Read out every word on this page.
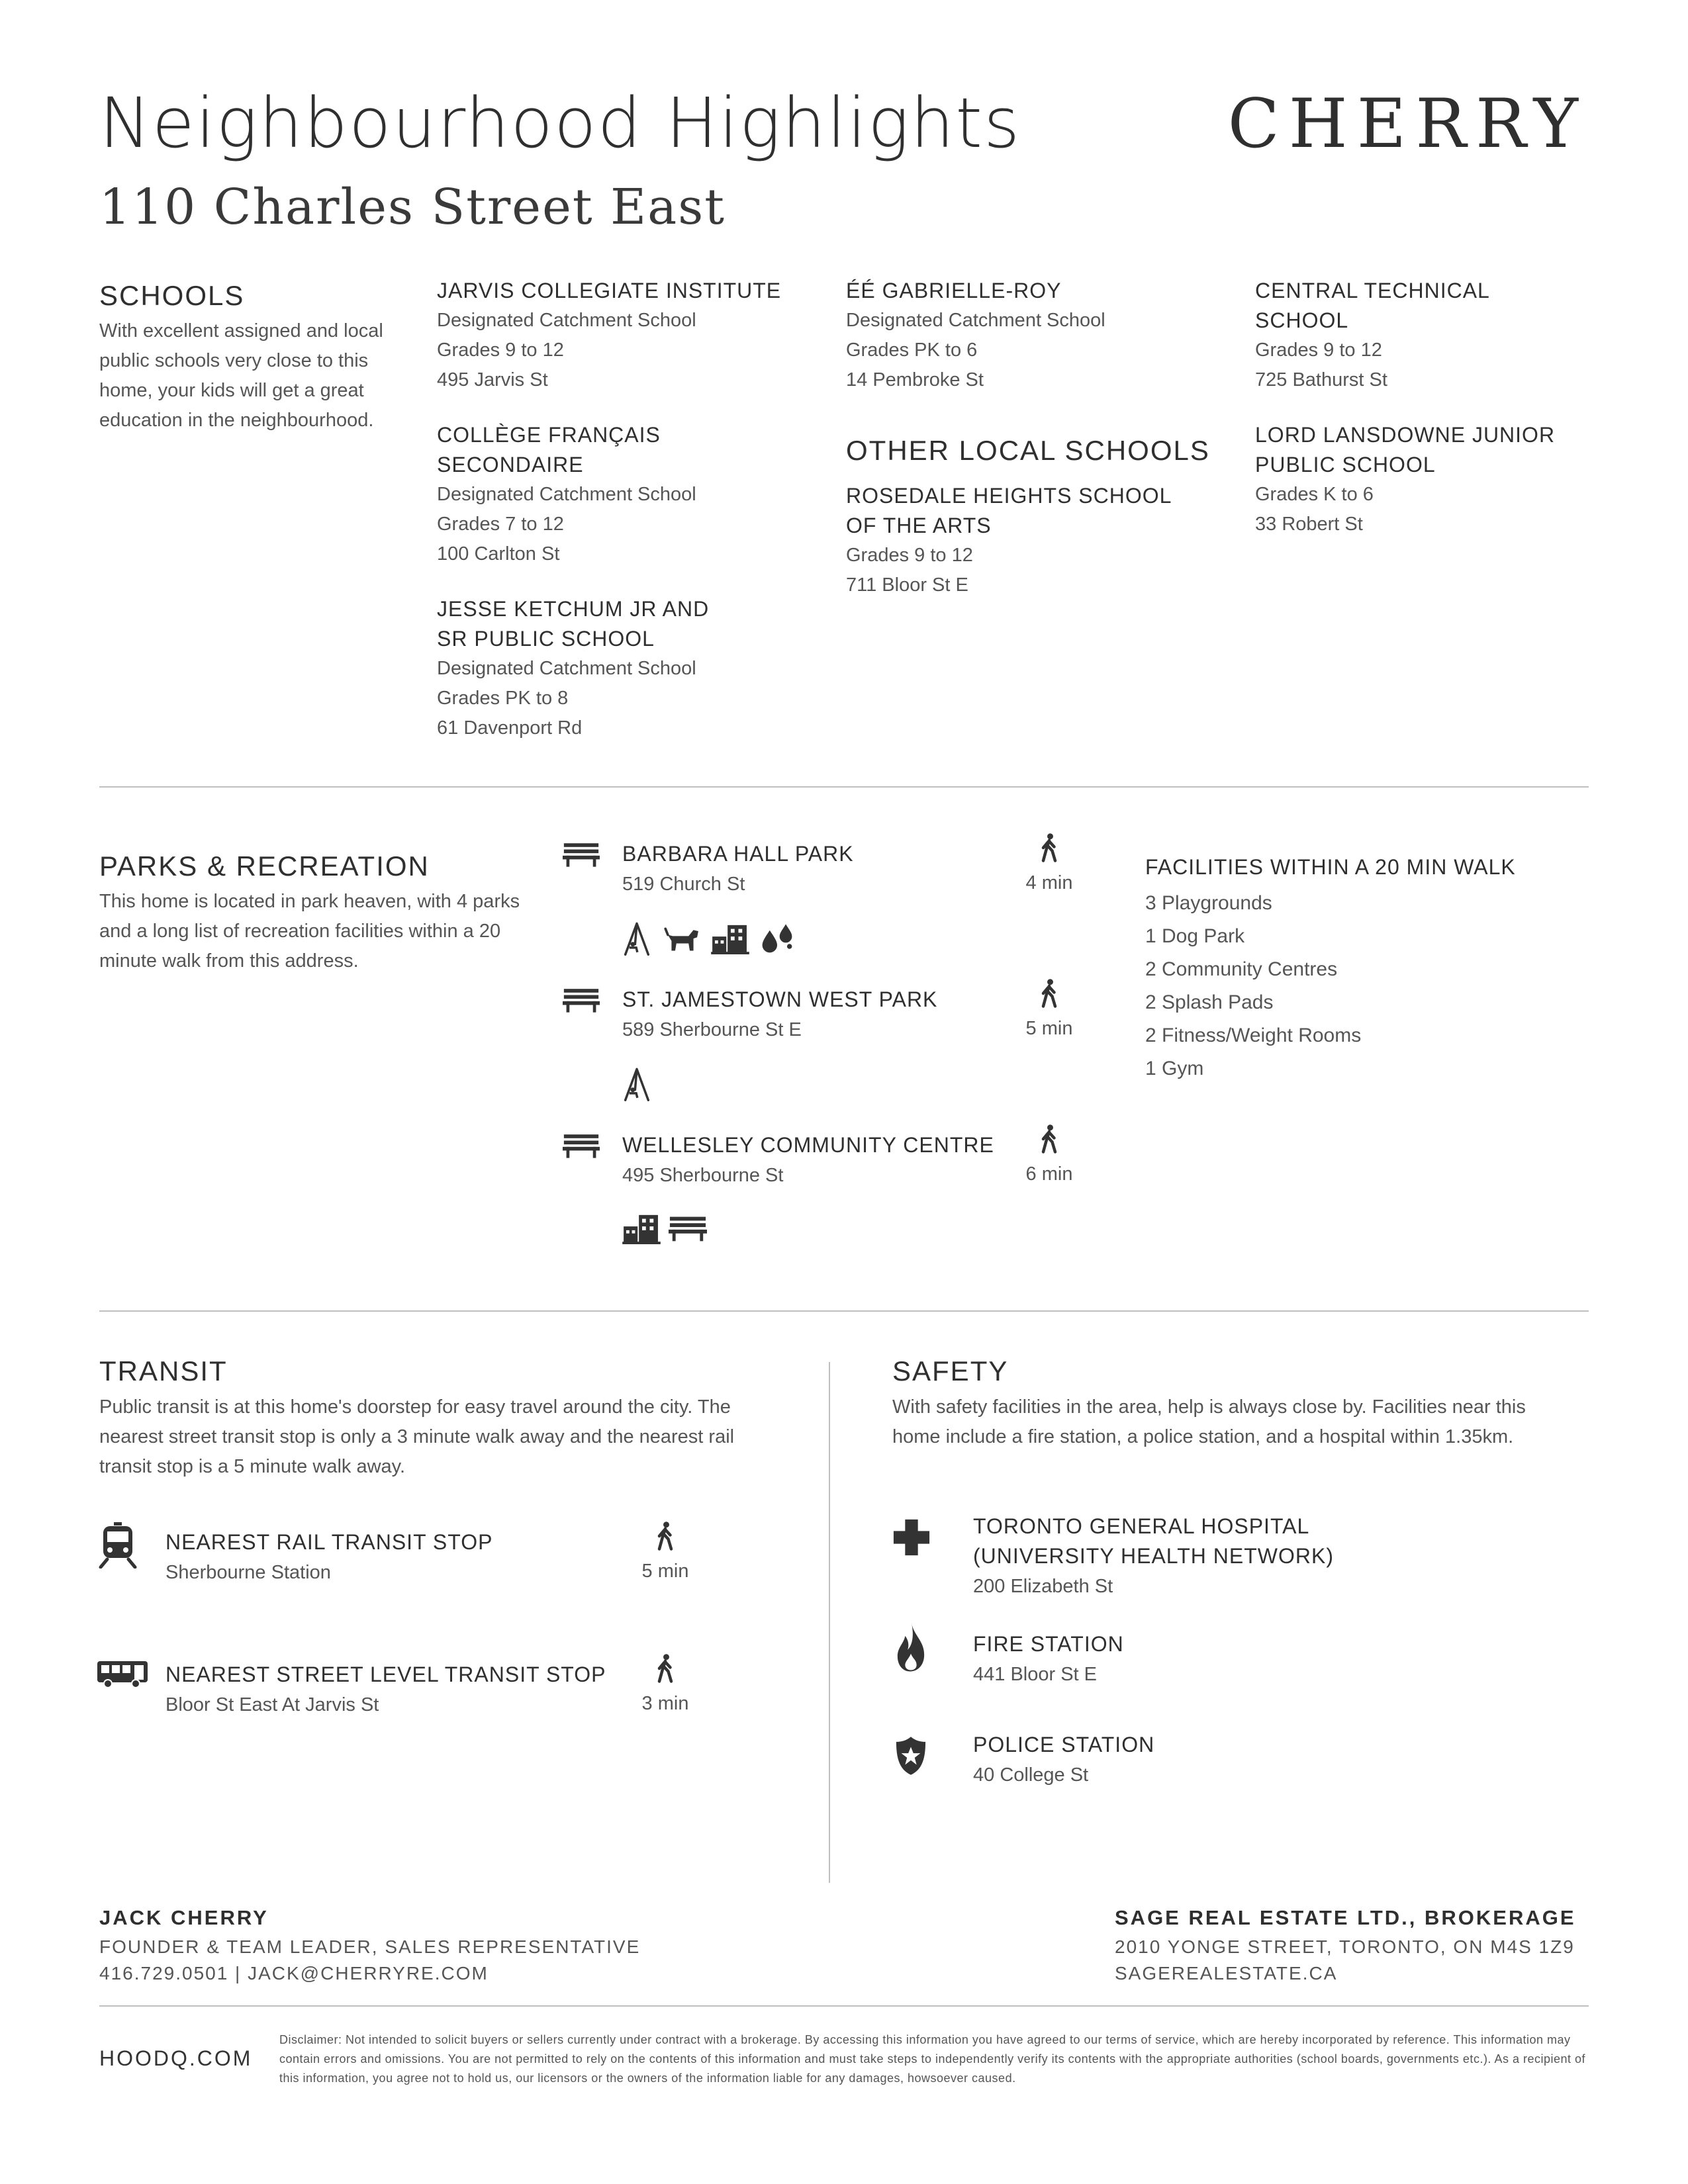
Neighbourhood Highlights
110 Charles Street East
CHERRY
SCHOOLS
With excellent assigned and local public schools very close to this home, your kids will get a great education in the neighbourhood.
JARVIS COLLEGIATE INSTITUTE
Designated Catchment School
Grades 9 to 12
495 Jarvis St
COLLÈGE FRANÇAIS SECONDAIRE
Designated Catchment School
Grades 7 to 12
100 Carlton St
JESSE KETCHUM JR AND SR PUBLIC SCHOOL
Designated Catchment School
Grades PK to 8
61 Davenport Rd
ÉÉ GABRIELLE-ROY
Designated Catchment School
Grades PK to 6
14 Pembroke St
OTHER LOCAL SCHOOLS
ROSEDALE HEIGHTS SCHOOL OF THE ARTS
Grades 9 to 12
711 Bloor St E
CENTRAL TECHNICAL SCHOOL
Grades 9 to 12
725 Bathurst St
LORD LANSDOWNE JUNIOR PUBLIC SCHOOL
Grades K to 6
33 Robert St
PARKS & RECREATION
This home is located in park heaven, with 4 parks and a long list of recreation facilities within a 20 minute walk from this address.
BARBARA HALL PARK
519 Church St	4 min
ST. JAMESTOWN WEST PARK
589 Sherbourne St E	5 min
WELLESLEY COMMUNITY CENTRE
495 Sherbourne St	6 min
FACILITIES WITHIN A 20 MIN WALK
3 Playgrounds
1 Dog Park
2 Community Centres
2 Splash Pads
2 Fitness/Weight Rooms
1 Gym
TRANSIT
Public transit is at this home's doorstep for easy travel around the city. The nearest street transit stop is only a 3 minute walk away and the nearest rail transit stop is a 5 minute walk away.
NEAREST RAIL TRANSIT STOP
Sherbourne Station	5 min
NEAREST STREET LEVEL TRANSIT STOP
Bloor St East At Jarvis St	3 min
SAFETY
With safety facilities in the area, help is always close by. Facilities near this home include a fire station, a police station, and a hospital within 1.35km.
TORONTO GENERAL HOSPITAL
(UNIVERSITY HEALTH NETWORK)
200 Elizabeth St
FIRE STATION
441 Bloor St E
POLICE STATION
40 College St
JACK CHERRY
FOUNDER & TEAM LEADER, SALES REPRESENTATIVE
416.729.0501 | JACK@CHERRYRE.COM
SAGE REAL ESTATE LTD., BROKERAGE
2010 YONGE STREET, TORONTO, ON M4S 1Z9
SAGEREALESTATE.CA
HOODQ.COM
Disclaimer: Not intended to solicit buyers or sellers currently under contract with a brokerage. By accessing this information you have agreed to our terms of service, which are hereby incorporated by reference. This information may contain errors and omissions. You are not permitted to rely on the contents of this information and must take steps to independently verify its contents with the appropriate authorities (school boards, governments etc.). As a recipient of this information, you agree not to hold us, our licensors or the owners of the information liable for any damages, howsoever caused.
